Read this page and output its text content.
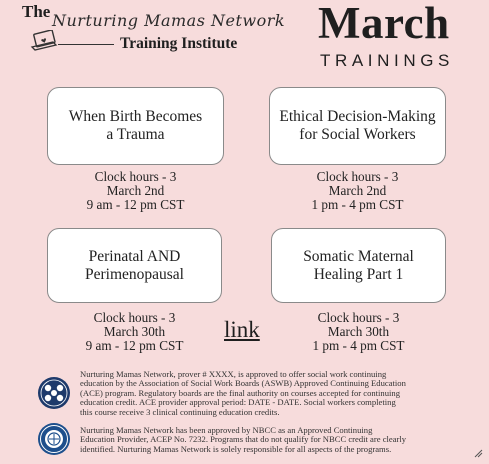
The Nurturing Mamas Network
Training Institute March
TRAININGS
When Birth Becomes
a Trauma
Clock hours - 3
March 2nd
9 am - 12 pm CST
Ethical Decision-Making
for Social Workers
Clock hours - 3
March 2nd
1 pm - 4 pm CST
Perinatal AND
Perimenopausal
Clock hours - 3
March 30th
9 am - 12 pm CST
Somatic Maternal
Healing Part 1
Clock hours - 3
March 30th
1 pm - 4 pm CST
link
Nurturing Mamas Network, prover # XXXX, is approved to offer social work continuing
education by the Association of Social Work Boards (ASWB) Approved Continuing Education
(ACE) program. Regulatory boards are the final authority on courses accepted for continuing
education credit. ACE provider approval period: DATE - DATE. Social workers completing
this course receive 3 clinical continuing education credits.
Nurturing Mamas Network has been approved by NBCC as an Approved Continuing
Education Provider, ACEP No. 7232. Programs that do not qualify for NBCC credit are clearly
identified. Nurturing Mamas Network is solely responsible for all aspects of the programs.
